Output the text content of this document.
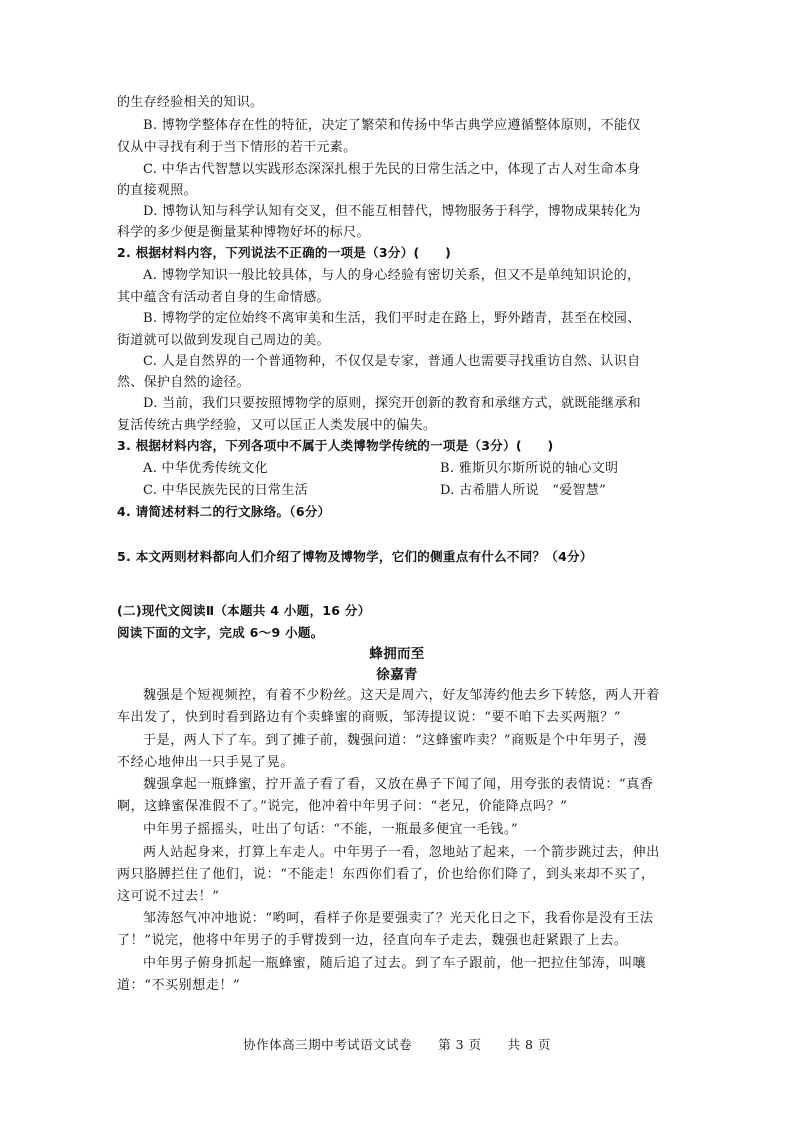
的生存经验相关的知识。
B. 博物学整体存在性的特征，决定了繁荣和传扬中华古典学应遵循整体原则，不能仅
仅从中寻找有利于当下情形的若干元素。
C. 中华古代智慧以实践形态深深扎根于先民的日常生活之中，体现了古人对生命本身
的直接观照。
D. 博物认知与科学认知有交叉，但不能互相替代，博物服务于科学，博物成果转化为
科学的多少便是衡量某种博物好坏的标尺。
2. 根据材料内容，下列说法不正确的一项是（3分）(　　)
A. 博物学知识一般比较具体，与人的身心经验有密切关系，但又不是单纯知识论的，
其中蕴含有活动者自身的生命情感。
B. 博物学的定位始终不离审美和生活，我们平时走在路上，野外踏青，甚至在校园、
街道就可以做到发现自己周边的美。
C. 人是自然界的一个普通物种，不仅仅是专家，普通人也需要寻找重访自然、认识自
然、保护自然的途径。
D. 当前，我们只要按照博物学的原则，探究开创新的教育和承继方式，就既能继承和
复活传统古典学经验，又可以匡正人类发展中的偏失。
3. 根据材料内容，下列各项中不属于人类博物学传统的一项是（3分）(　　)
A. 中华优秀传统文化	B. 雅斯贝尔斯所说的轴心文明
C. 中华民族先民的日常生活	D. 古希腊人所说　“爱智慧”
4. 请简述材料二的行文脉络。（6分）
5. 本文两则材料都向人们介绍了博物及博物学，它们的侧重点有什么不同？（4分）
(二)现代文阅读Ⅱ（本题共 4 小题，16 分）
阅读下面的文字，完成 6～9 小题。
蜂拥而至
徐嘉青
魏强是个短视频控，有着不少粉丝。这天是周六，好友邹涛约他去乡下转悠，两人开着
车出发了，快到时看到路边有个卖蜂蜜的商贩，邹涛提议说：“要不咱下去买两瓶？”
于是，两人下了车。到了摊子前，魏强问道：“这蜂蜜咋卖？”商贩是个中年男子，漫
不经心地伸出一只手晃了晃。
魏强拿起一瓶蜂蜜，拧开盖子看了看，又放在鼻子下闻了闻，用夸张的表情说：“真香
啊，这蜂蜜保准假不了。”说完，他冲着中年男子问：“老兄，价能降点吗？”
中年男子摇摇头，吐出了句话：“不能，一瓶最多便宜一毛钱。”
两人站起身来，打算上车走人。中年男子一看，忽地站了起来，一个箭步跳过去，伸出
两只胳膊拦住了他们，说：“不能走！东西你们看了，价也给你们降了，到头来却不买了，
这可说不过去！”
邹涛怒气冲冲地说：“哟呵，看样子你是要强卖了？光天化日之下，我看你是没有王法
了！”说完，他将中年男子的手臂拨到一边，径直向车子走去，魏强也赶紧跟了上去。
中年男子俯身抓起一瓶蜂蜜，随后追了过去。到了车子跟前，他一把拉住邹涛，叫嚷
道：“不买别想走！”
协作体高三期中考试语文试卷　　第 3 页　　共 8 页
